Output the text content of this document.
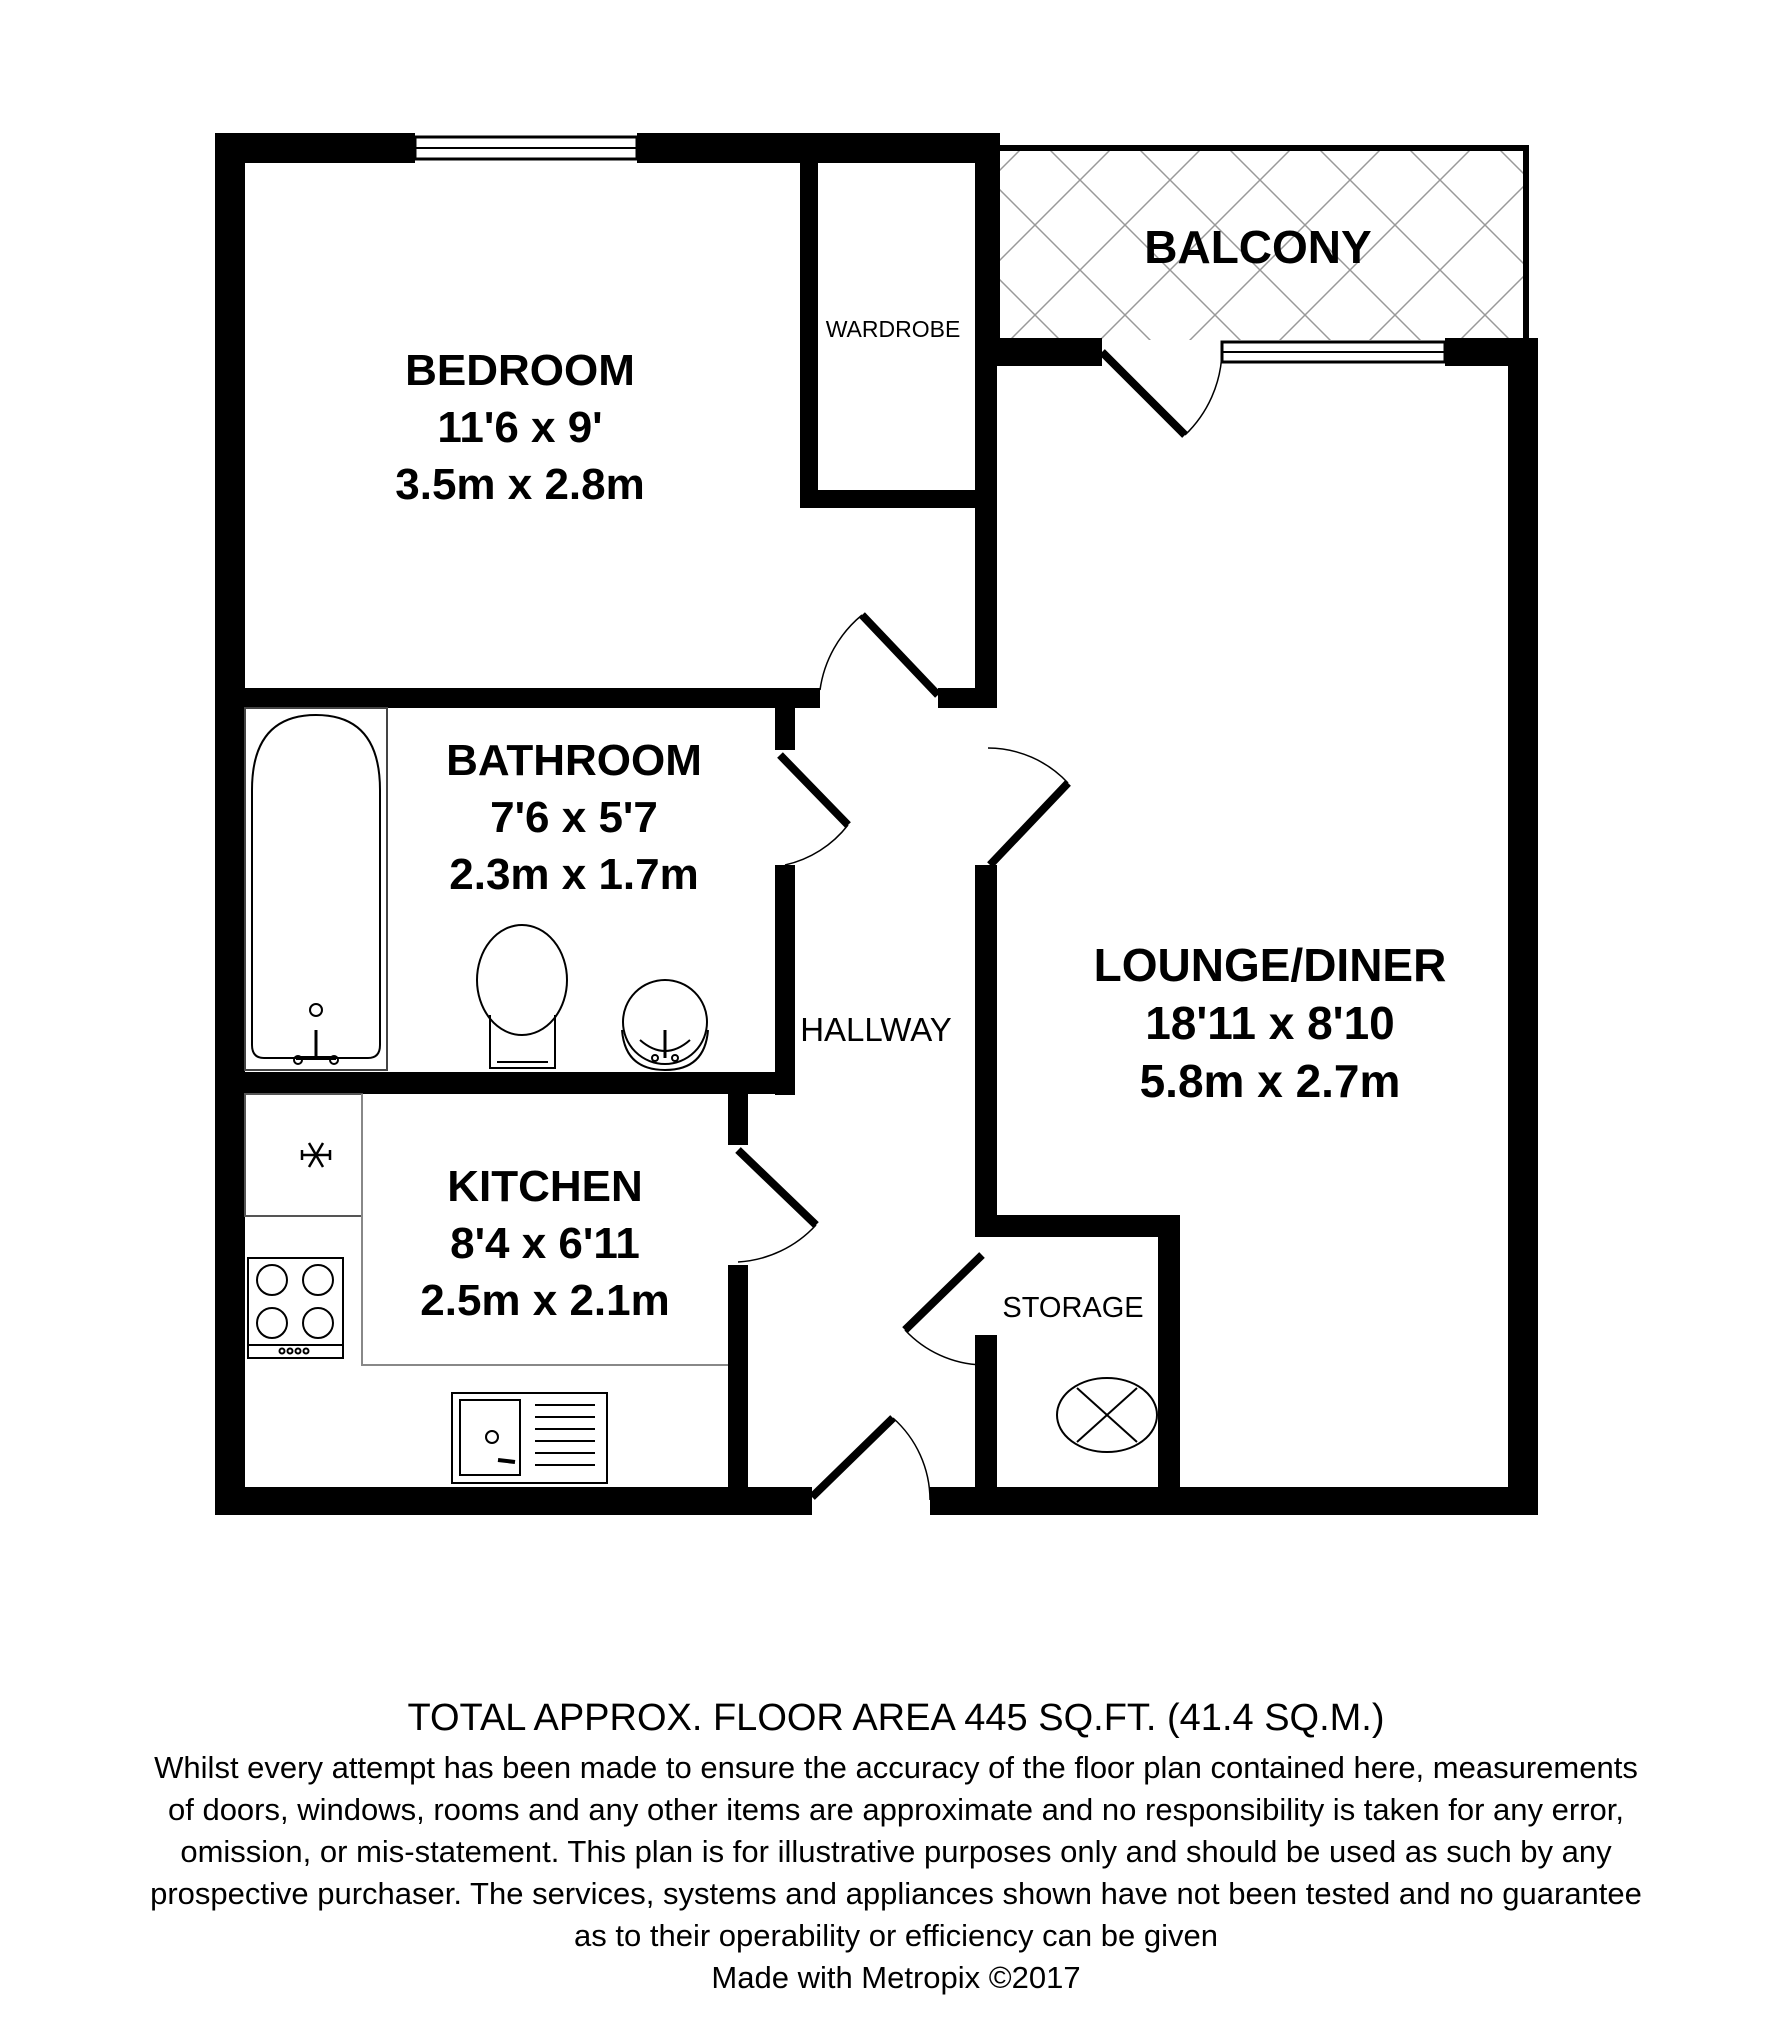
BEDROOM
11'6 x 9'
3.5m x 2.8m
BALCONY
WARDROBE
BATHROOM
7'6 x 5'7
2.3m x 1.7m
HALLWAY
LOUNGE/DINER
18'11 x 8'10
5.8m x 2.7m
KITCHEN
8'4 x 6'11
2.5m x 2.1m	STORAGE
TOTAL APPROX. FLOOR AREA 445 SQ.FT. (41.4 SQ.M.)
Whilst every attempt has been made to ensure the accuracy of the floor plan contained here, measurements
of doors, windows, rooms and any other items are approximate and no responsibility is taken for any error,
omission, or mis-statement. This plan is for illustrative purposes only and should be used as such by any
prospective purchaser. The services, systems and appliances shown have not been tested and no guarantee
as to their operability or efficiency can be given
Made with Metropix ©2017
